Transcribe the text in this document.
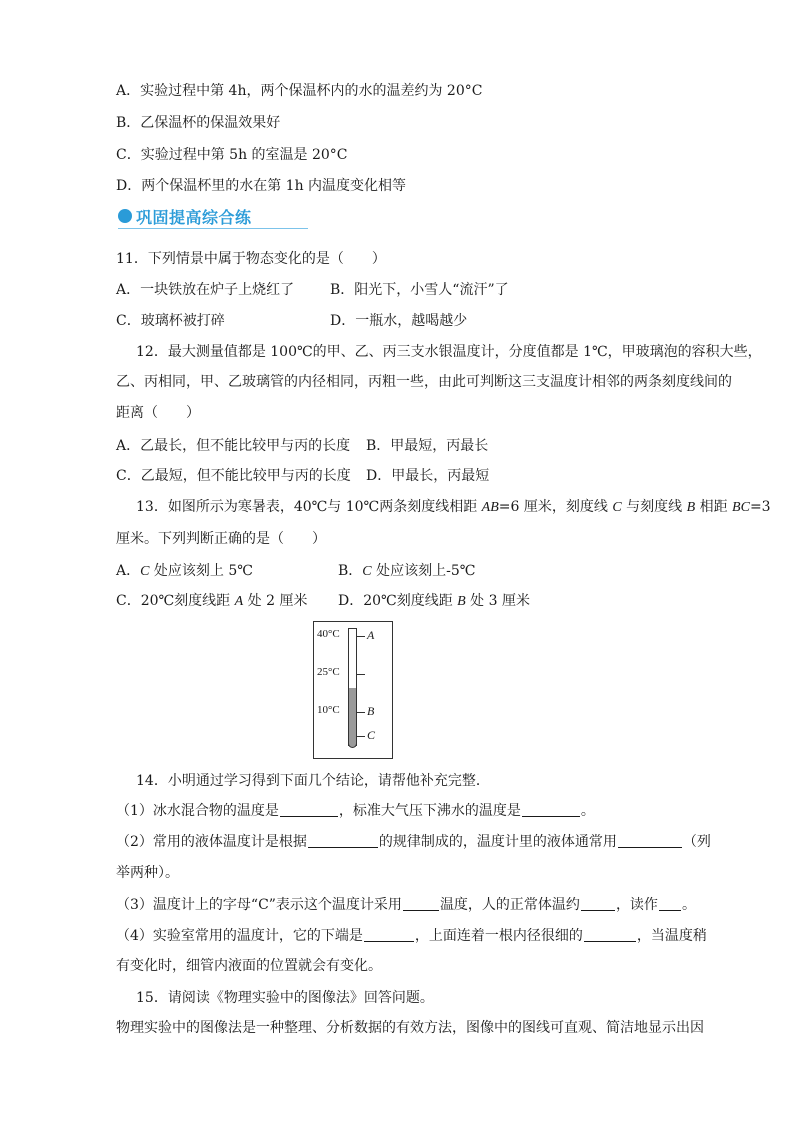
A．实验过程中第 4h，两个保温杯内的水的温差约为 20°C
B．乙保温杯的保温效果好
C．实验过程中第 5h 的室温是 20°C
D．两个保温杯里的水在第 1h 内温度变化相等
巩固提高综合练
11．下列情景中属于物态变化的是（　　）
A．一块铁放在炉子上烧红了	B．阳光下，小雪人“流汗”了
C．玻璃杯被打碎	D．一瓶水，越喝越少
12．最大测量值都是 100℃的甲、乙、丙三支水银温度计，分度值都是 1℃，甲玻璃泡的容积大些，
乙、丙相同，甲、乙玻璃管的内径相同，丙粗一些，由此可判断这三支温度计相邻的两条刻度线间的
距离（　　）
A．乙最长，但不能比较甲与丙的长度 B．甲最短，丙最长
C．乙最短，但不能比较甲与丙的长度 D．甲最长，丙最短
13．如图所示为寒暑表，40℃与 10℃两条刻度线相距 AB=6 厘米，刻度线 C 与刻度线 B 相距 BC=3
厘米。下列判断正确的是（　　）
A．C 处应该刻上 5℃	B．C 处应该刻上-5℃
C．20℃刻度线距 A 处 2 厘米 D．20℃刻度线距 B 处 3 厘米
40°C
25°C
10°C
A
B
C
14．小明通过学习得到下面几个结论，请帮他补充完整．
（1）冰水混合物的温度是	，标准大气压下沸水的温度是	。
（2）常用的液体温度计是根据	的规律制成的，温度计里的液体通常用	（列
举两种）。
（3）温度计上的字母“C”表示这个温度计采用	温度，人的正常体温约	，读作 。
（4）实验室常用的温度计，它的下端是	，上面连着一根内径很细的	，当温度稍
有变化时，细管内液面的位置就会有变化。
15．请阅读《物理实验中的图像法》回答问题。
物理实验中的图像法是一种整理、分析数据的有效方法，图像中的图线可直观、简洁地显示出因
